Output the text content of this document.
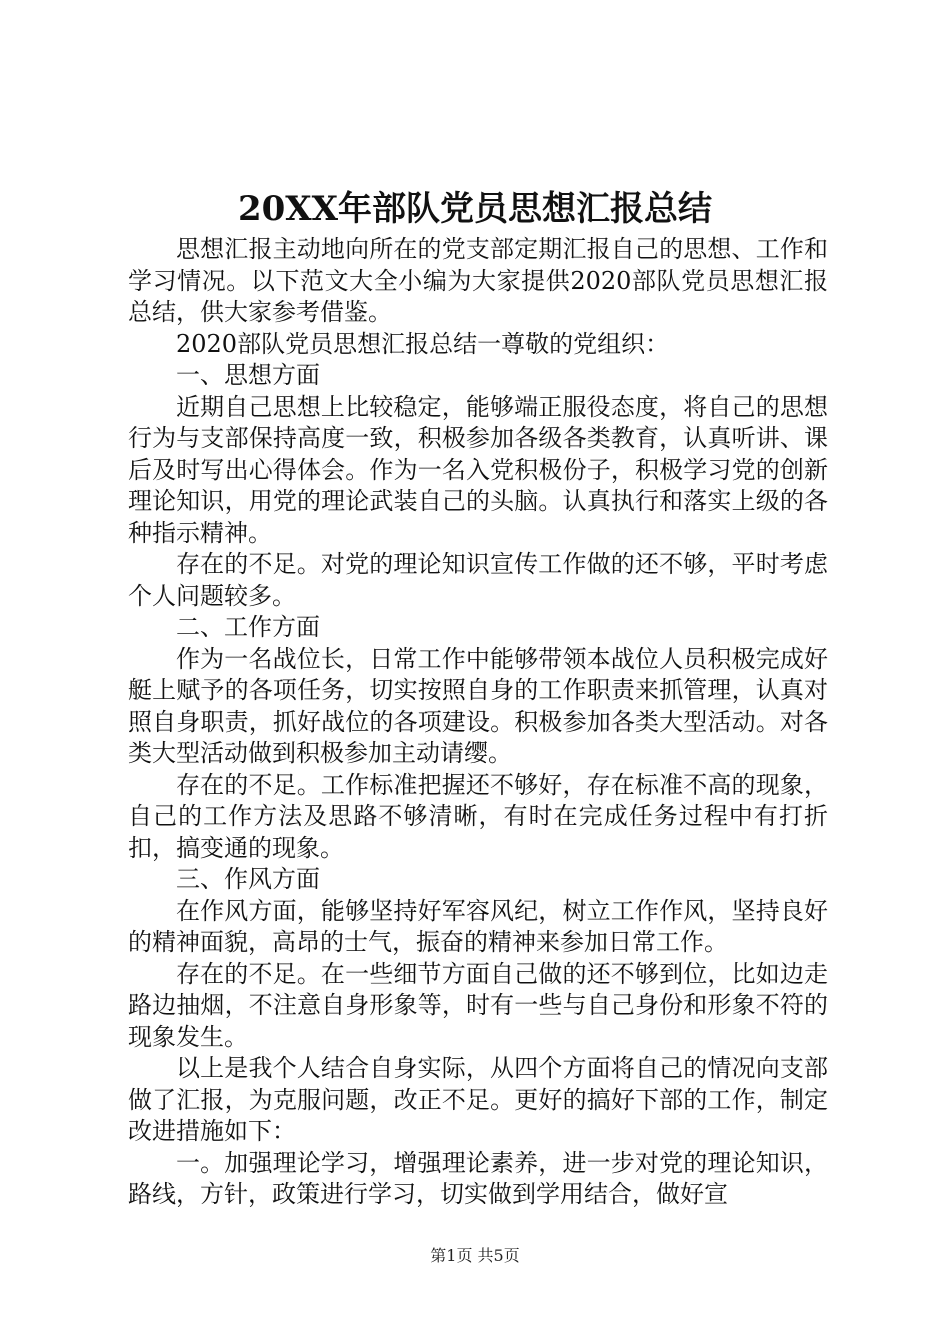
20XX年部队党员思想汇报总结

思想汇报主动地向所在的党支部定期汇报自己的思想、工作和学习情况。以下范文大全小编为大家提供2020部队党员思想汇报总结，供大家参考借鉴。

2020部队党员思想汇报总结一尊敬的党组织：

一、思想方面

近期自己思想上比较稳定，能够端正服役态度，将自己的思想行为与支部保持高度一致，积极参加各级各类教育，认真听讲、课后及时写出心得体会。作为一名入党积极份子，积极学习党的创新理论知识，用党的理论武装自己的头脑。认真执行和落实上级的各种指示精神。

存在的不足。对党的理论知识宣传工作做的还不够，平时考虑个人问题较多。

二、工作方面

作为一名战位长，日常工作中能够带领本战位人员积极完成好艇上赋予的各项任务，切实按照自身的工作职责来抓管理，认真对照自身职责，抓好战位的各项建设。积极参加各类大型活动。对各类大型活动做到积极参加主动请缨。

存在的不足。工作标准把握还不够好，存在标准不高的现象，自己的工作方法及思路不够清晰，有时在完成任务过程中有打折扣，搞变通的现象。

三、作风方面

在作风方面，能够坚持好军容风纪，树立工作作风，坚持良好的精神面貌，高昂的士气，振奋的精神来参加日常工作。

存在的不足。在一些细节方面自己做的还不够到位，比如边走路边抽烟，不注意自身形象等，时有一些与自己身份和形象不符的现象发生。

以上是我个人结合自身实际，从四个方面将自己的情况向支部做了汇报，为克服问题，改正不足。更好的搞好下部的工作，制定改进措施如下：

一。加强理论学习，增强理论素养，进一步对党的理论知识，路线，方针，政策进行学习，切实做到学用结合，做好宣

第1页 共5页
